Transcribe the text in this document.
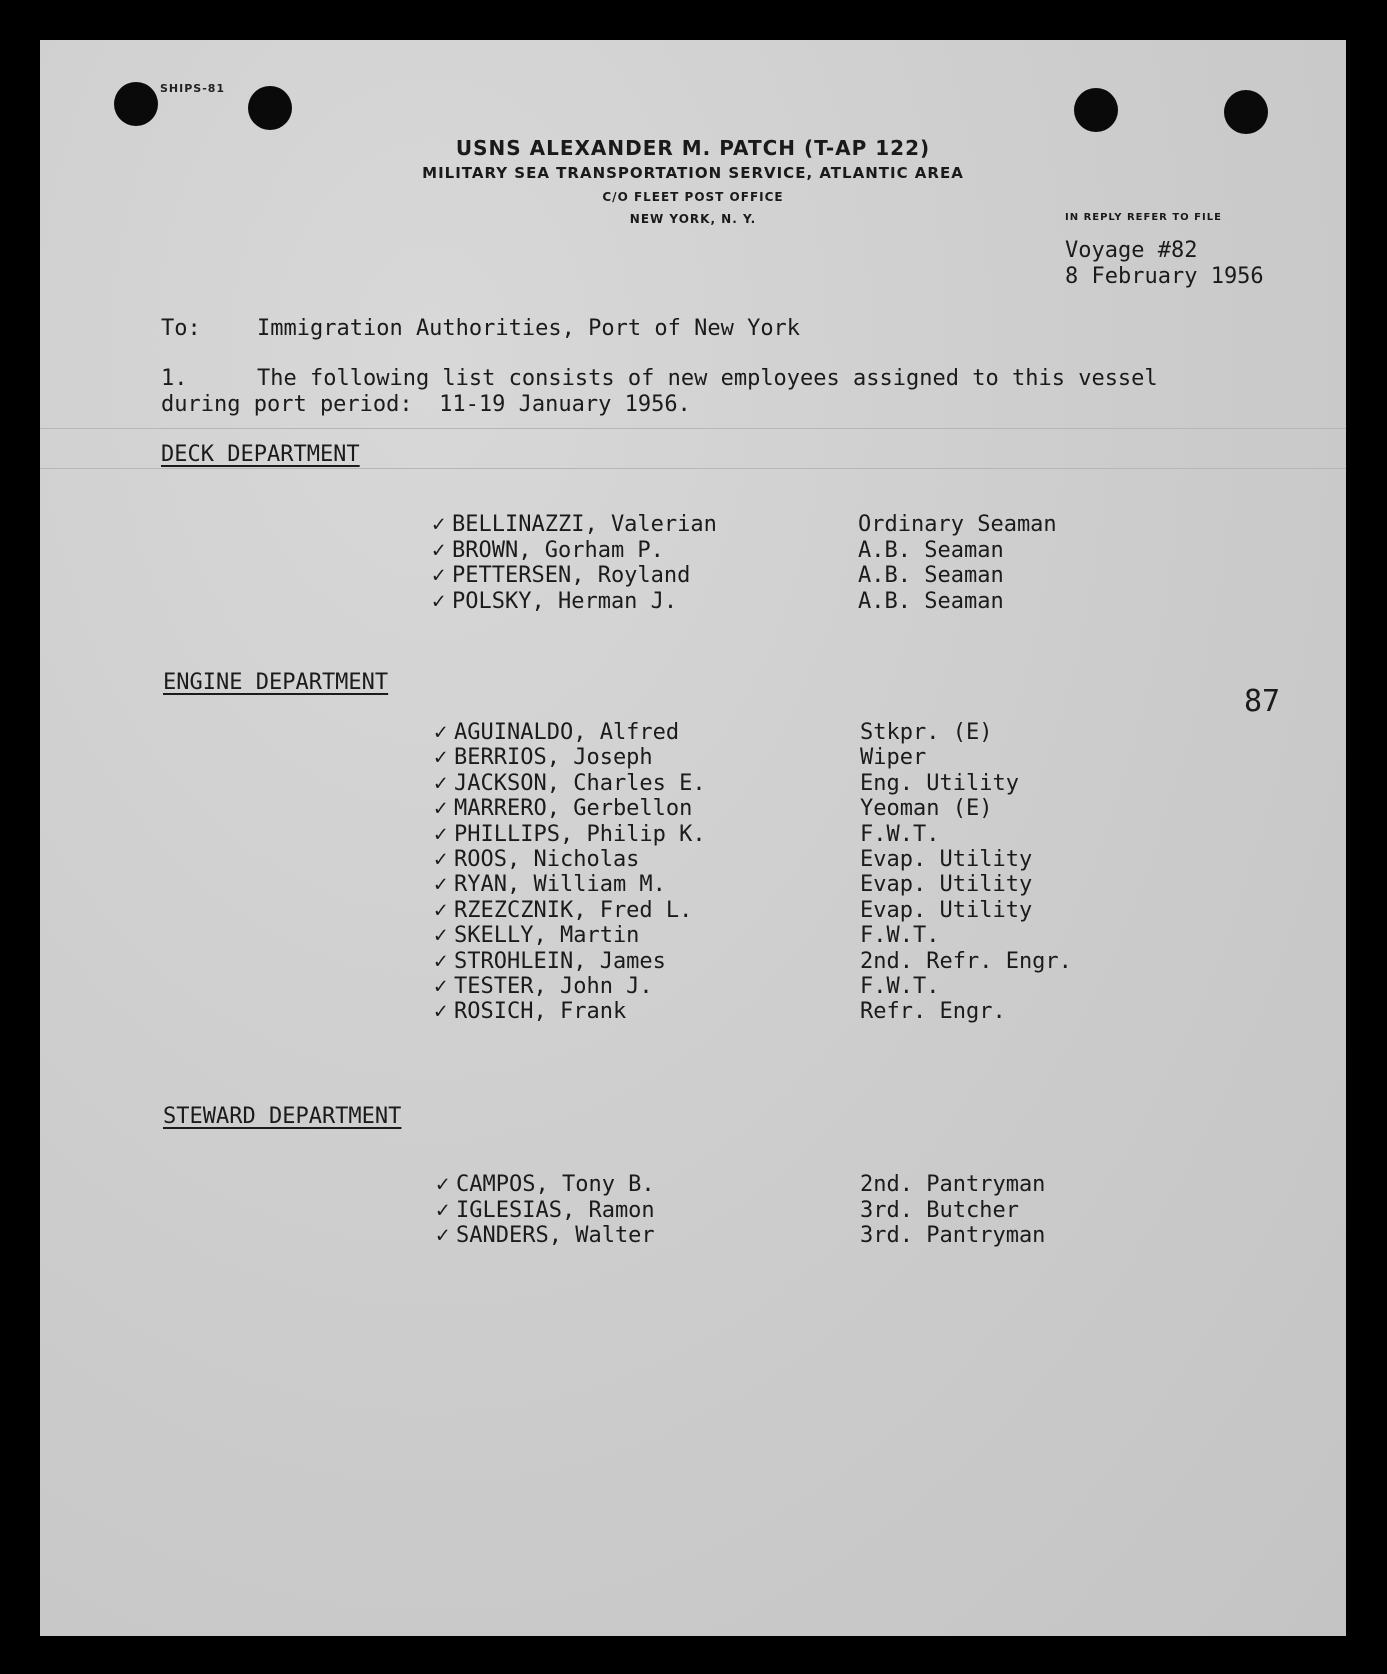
SHIPS-81
USNS ALEXANDER M. PATCH (T-AP 122)
MILITARY SEA TRANSPORTATION SERVICE, ATLANTIC AREA
C/O FLEET POST OFFICE
NEW YORK, N. Y.	IN REPLY REFER TO FILE
Voyage #82
8 February 1956
To:	Immigration Authorities, Port of New York
1.	The following list consists of new employees assigned to this vessel
during port period:  11-19 January 1956.
DECK DEPARTMENT
✓ BELLINAZZI, Valerian	Ordinary Seaman
✓ BROWN, Gorham P.	A.B. Seaman
✓ PETTERSEN, Royland	A.B. Seaman
✓ POLSKY, Herman J.	A.B. Seaman
ENGINE DEPARTMENT
87
✓ AGUINALDO, Alfred	Stkpr. (E)
✓ BERRIOS, Joseph	Wiper
✓ JACKSON, Charles E.	Eng. Utility
✓ MARRERO, Gerbellon	Yeoman (E)
✓ PHILLIPS, Philip K.	F.W.T.
✓ ROOS, Nicholas	Evap. Utility
✓ RYAN, William M.	Evap. Utility
✓ RZEZCZNIK, Fred L.	Evap. Utility
✓ SKELLY, Martin	F.W.T.
✓ STROHLEIN, James	2nd. Refr. Engr.
✓ TESTER, John J.	F.W.T.
✓ ROSICH, Frank	Refr. Engr.
STEWARD DEPARTMENT
✓ CAMPOS, Tony B.	2nd. Pantryman
✓ IGLESIAS, Ramon	3rd. Butcher
✓ SANDERS, Walter	3rd. Pantryman
